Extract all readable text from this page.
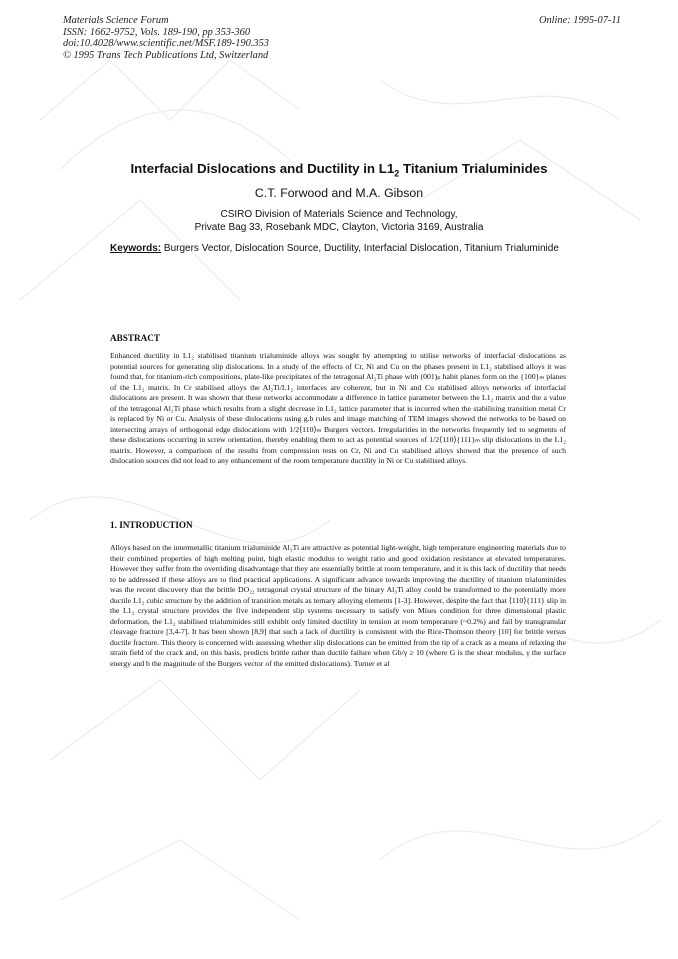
Materials Science Forum
ISSN: 1662-9752, Vols. 189-190, pp 353-360
doi:10.4028/www.scientific.net/MSF.189-190.353
© 1995 Trans Tech Publications Ltd, Switzerland
Online: 1995-07-11
Interfacial Dislocations and Ductility in $L1_2$ Titanium Trialuminides
C.T. Forwood and M.A. Gibson
CSIRO Division of Materials Science and Technology,
Private Bag 33, Rosebank MDC, Clayton, Victoria 3169, Australia
Keywords: Burgers Vector, Dislocation Source, Ductility, Interfacial Dislocation, Titanium Trialuminide
ABSTRACT
Enhanced ductility in L1₂ stabilised titanium trialuminide alloys was sought by attempting to utilise networks of interfacial dislocations as potential sources for generating slip dislocations. In a study of the effects of Cr, Ni and Cu on the phases present in L1₂ stabilised alloys it was found that, for titanium-rich compositions, plate-like precipitates of the tetragonal Al₂Ti phase with (001)ₚ habit planes form on the {100}ₘ planes of the L1₂ matrix. In Cr stabilised alloys the Al₂Ti/L1₂ interfaces are coherent, but in Ni and Cu stabilised alloys networks of interfacial dislocations are present. It was shown that these networks accommodate a difference in lattice parameter between the L1₂ matrix and the a value of the tetragonal Al₂Ti phase which results from a slight decrease in L1₂ lattice parameter that is incurred when the stabilising transition metal Cr is replaced by Ni or Cu. Analysis of these dislocations using g.b rules and image matching of TEM images showed the networks to be based on intersecting arrays of orthogonal edge dislocations with 1/2⟨110⟩ₘ Burgers vectors. Irregularities in the networks frequently led to segments of these dislocations occurring in screw orientation, thereby enabling them to act as potential sources of 1/2⟨110⟩{111}ₘ slip dislocations in the L1₂ matrix. However, a comparison of the results from compression tests on Cr, Ni and Cu stabilised alloys showed that the presence of such dislocation sources did not lead to any enhancement of the room temperature ductility in Ni or Cu stabilised alloys.
1. INTRODUCTION
Alloys based on the intermetallic titanium trialuminide Al₃Ti are attractive as potential light-weight, high temperature engineering materials due to their combined properties of high melting point, high elastic modulus to weight ratio and good oxidation resistance at elevated temperatures. However they suffer from the overriding disadvantage that they are essentially brittle at room temperature, and it is this lack of ductility that needs to be addressed if these alloys are to find practical applications. A significant advance towards improving the ductility of titanium trialuminides was the recent discovery that the brittle DO₂₂ tetragonal crystal structure of the binary Al₃Ti alloy could be transformed to the potentially more ductile L1₂ cubic structure by the addition of transition metals as ternary alloying elements [1-3]. However, despite the fact that ⟨110⟩{111} slip in the L1₂ crystal structure provides the five independent slip systems necessary to satisfy von Mises condition for three dimensional plastic deformation, the L1₂ stabilised trialuminides still exhibit only limited ductility in tension at room temperature (~0.2%) and fail by transgranular cleavage fracture [3,4-7]. It has been shown [8,9] that such a lack of ductility is consistent with the Rice-Thomson theory [10] for brittle versus ductile fracture. This theory is concerned with assessing whether slip dislocations can be emitted from the tip of a crack as a means of relaxing the strain field of the crack and, on this basis, predicts brittle rather than ductile failure when Gb/γ ≥ 10 (where G is the shear modulus, γ the surface energy and b the magnitude of the Burgers vector of the emitted dislocations). Turner et al
